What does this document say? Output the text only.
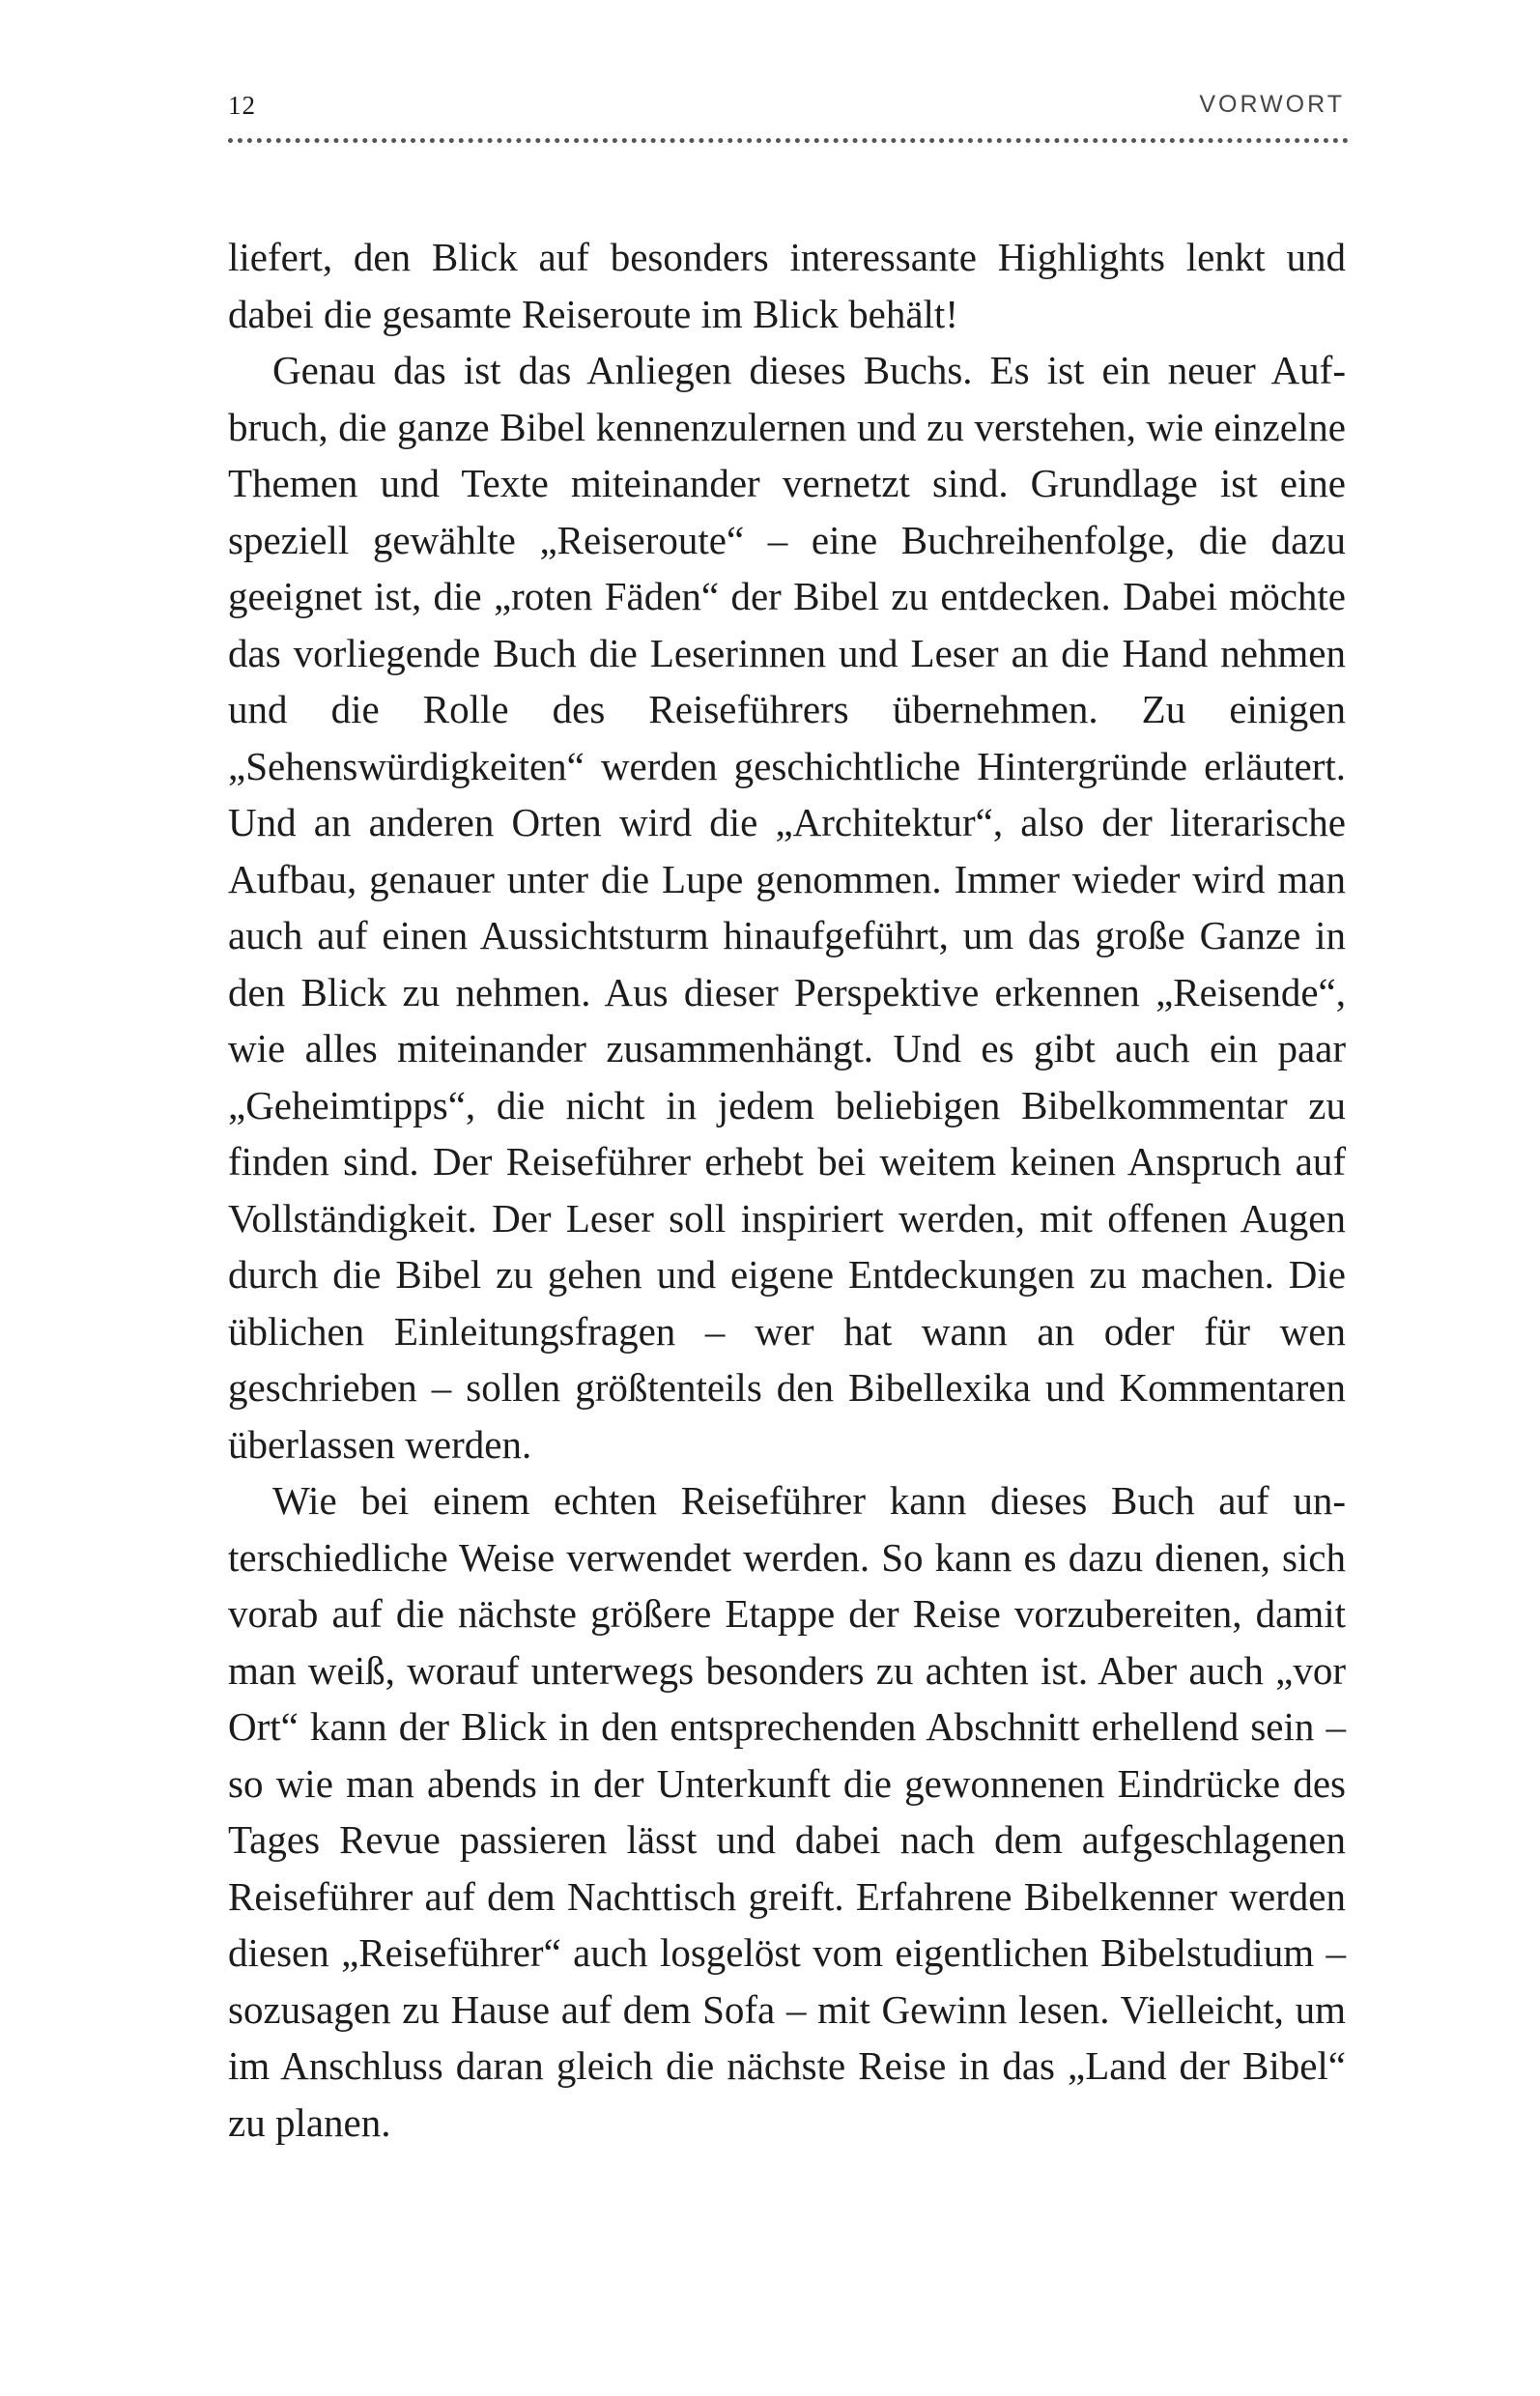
12	VORWORT

liefert, den Blick auf besonders interessante Highlights lenkt und dabei die gesamte Reiseroute im Blick behält!

Genau das ist das Anliegen dieses Buchs. Es ist ein neuer Aufbruch, die ganze Bibel kennenzulernen und zu verstehen, wie einzelne Themen und Texte miteinander vernetzt sind. Grundlage ist eine speziell gewählte „Reiseroute“ – eine Buchreihenfolge, die dazu geeignet ist, die „roten Fäden“ der Bibel zu entdecken. Dabei möchte das vorliegende Buch die Leserinnen und Leser an die Hand nehmen und die Rolle des Reiseführers übernehmen. Zu einigen „Sehenswürdigkeiten“ werden geschichtliche Hintergründe erläutert. Und an anderen Orten wird die „Architektur“, also der literarische Aufbau, genauer unter die Lupe genommen. Immer wieder wird man auch auf einen Aussichtsturm hinaufgeführt, um das große Ganze in den Blick zu nehmen. Aus dieser Perspektive erkennen „Reisende“, wie alles miteinander zusammenhängt. Und es gibt auch ein paar „Geheimtipps“, die nicht in jedem beliebigen Bibelkommentar zu finden sind. Der Reiseführer erhebt bei weitem keinen Anspruch auf Vollständigkeit. Der Leser soll inspiriert werden, mit offenen Augen durch die Bibel zu gehen und eigene Entdeckungen zu machen. Die üblichen Einleitungsfragen – wer hat wann an oder für wen geschrieben – sollen größtenteils den Bibellexika und Kommentaren überlassen werden.

Wie bei einem echten Reiseführer kann dieses Buch auf unterschiedliche Weise verwendet werden. So kann es dazu dienen, sich vorab auf die nächste größere Etappe der Reise vorzubereiten, damit man weiß, worauf unterwegs besonders zu achten ist. Aber auch „vor Ort“ kann der Blick in den entsprechenden Abschnitt erhellend sein – so wie man abends in der Unterkunft die gewonnenen Eindrücke des Tages Revue passieren lässt und dabei nach dem aufgeschlagenen Reiseführer auf dem Nachttisch greift. Erfahrene Bibelkenner werden diesen „Reiseführer“ auch losgelöst vom eigentlichen Bibelstudium – sozusagen zu Hause auf dem Sofa – mit Gewinn lesen. Vielleicht, um im Anschluss daran gleich die nächste Reise in das „Land der Bibel“ zu planen.
